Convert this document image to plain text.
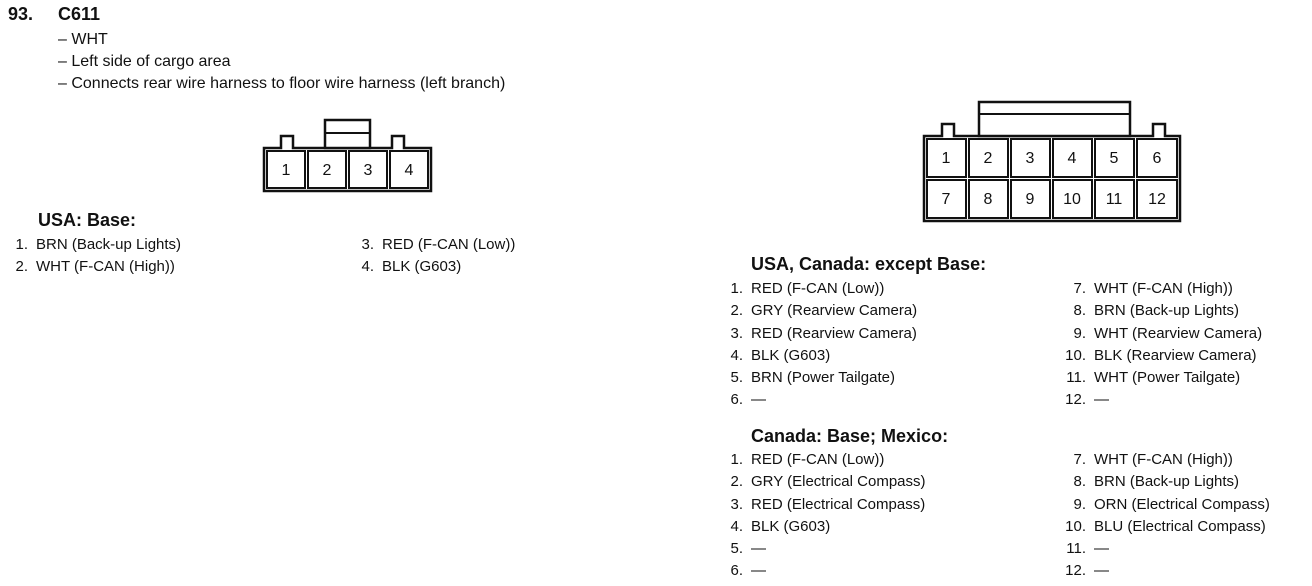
93. C611
– WHT
– Left side of cargo area
– Connects rear wire harness to floor wire harness (left branch)
1 2 3 4
1 2 3 4 5 6
7 8 9 10 11 12
USA: Base:
1. BRN (Back-up Lights)
2. WHT (F-CAN (High))
3. RED (F-CAN (Low))
4. BLK (G603)	USA, Canada: except Base:
1. RED (F-CAN (Low))
2. GRY (Rearview Camera)
3. RED (Rearview Camera)
4. BLK (G603)
5. BRN (Power Tailgate)
6. —
7. WHT (F-CAN (High))
8. BRN (Back-up Lights)
9. WHT (Rearview Camera)
10. BLK (Rearview Camera)
11. WHT (Power Tailgate)
12. —
Canada: Base; Mexico:
1. RED (F-CAN (Low))
2. GRY (Electrical Compass)
3. RED (Electrical Compass)
4. BLK (G603)
5. —
6. —
7. WHT (F-CAN (High))
8. BRN (Back-up Lights)
9. ORN (Electrical Compass)
10. BLU (Electrical Compass)
11. —
12. —
